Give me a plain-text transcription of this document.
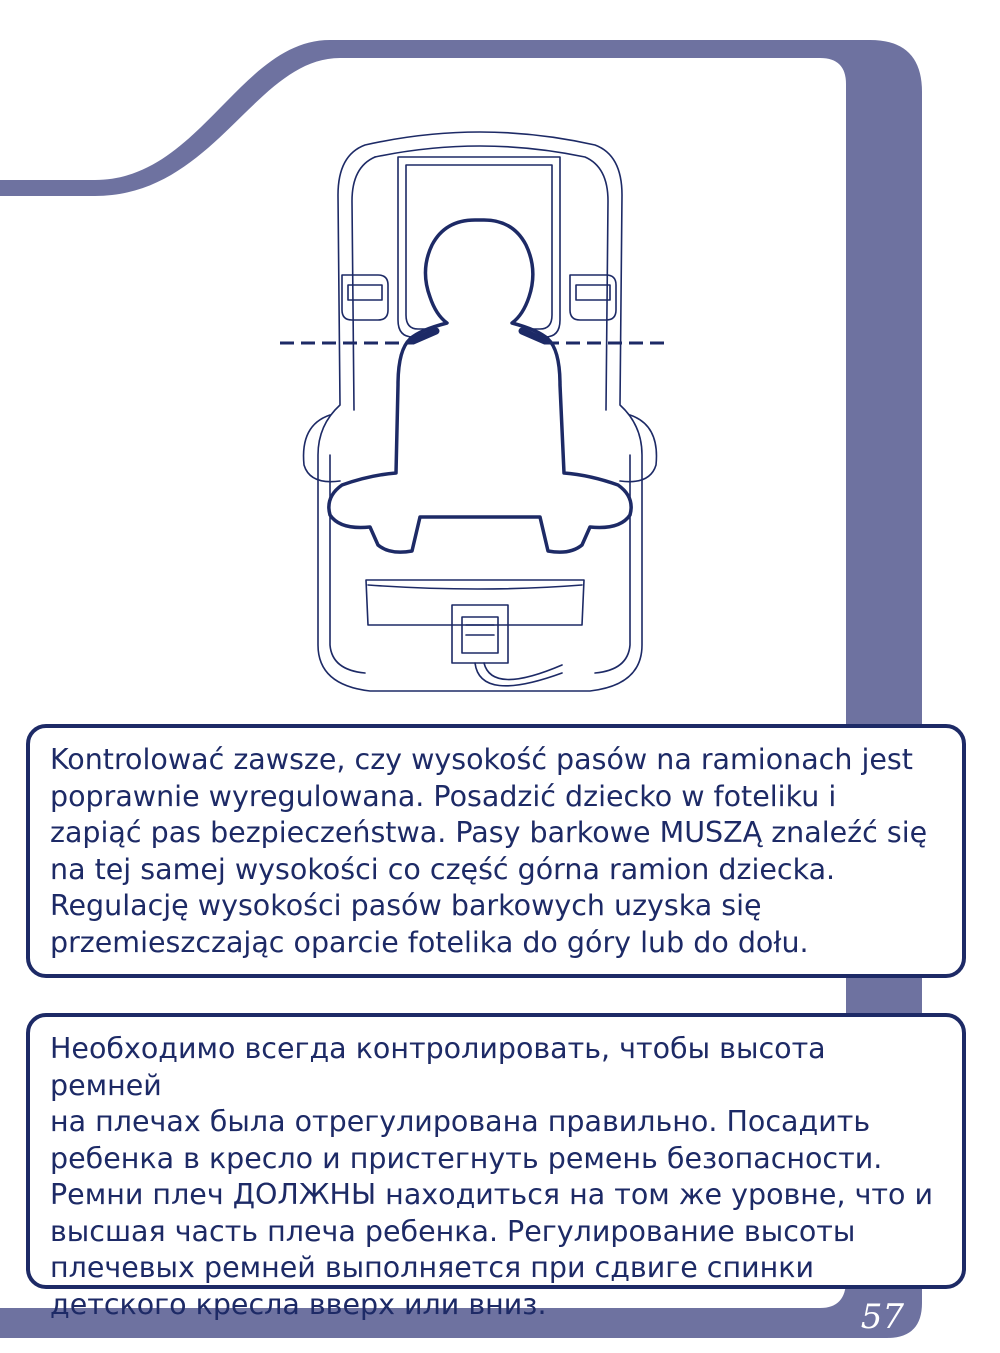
Kontrolować zawsze, czy wysokość pasów na ramionach jest
poprawnie wyregulowana. Posadzić dziecko w foteliku i
zapiąć pas bezpieczeństwa. Pasy barkowe MUSZĄ znaleźć się
na tej samej wysokości co część górna ramion dziecka.
Regulację wysokości pasów barkowych uzyska się
przemieszczając oparcie fotelika do góry lub do dołu.
Необходимо всегда контролировать, чтобы высота ремней
на плечах была отрегулирована правильно. Посадить
ребенка в кресло и пристегнуть ремень безопасности.
Ремни плеч ДОЛЖНЫ находиться на том же уровне, что и
высшая часть плеча ребенка. Регулирование высоты
плечевых ремней выполняется при сдвиге спинки
детского кресла вверх или вниз.	57
